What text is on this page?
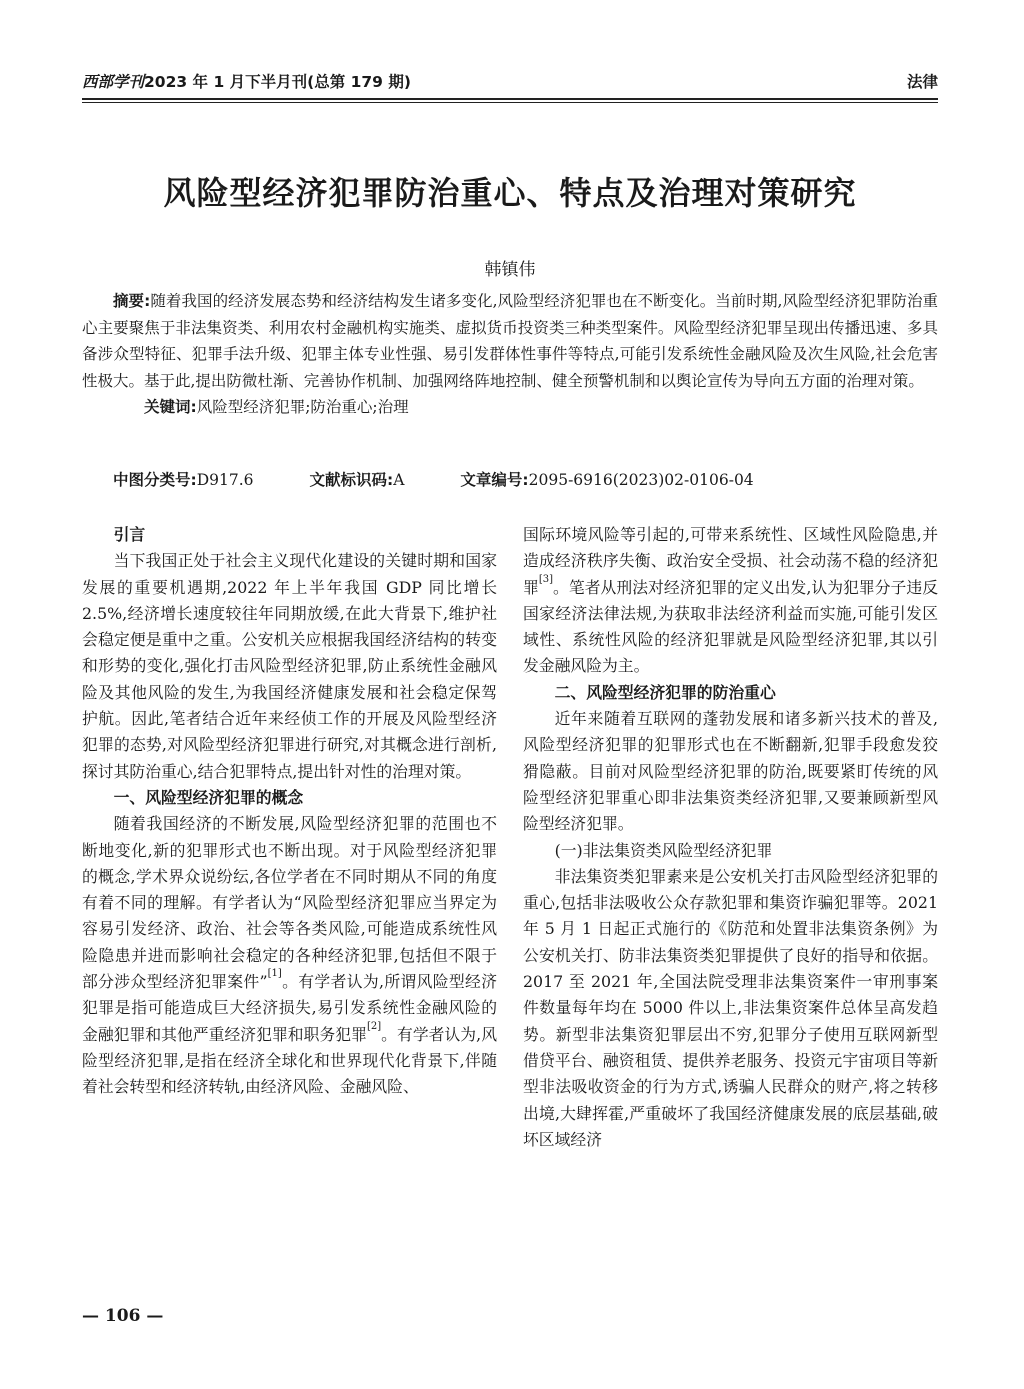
西部学刊2023 年 1 月下半月刊(总第 179 期)	法律
风险型经济犯罪防治重心、特点及治理对策研究
韩镇伟

摘要:随着我国的经济发展态势和经济结构发生诸多变化,风险型经济犯罪也在不断变化。当前时期,风险型经济犯罪防治重心主要聚焦于非法集资类、利用农村金融机构实施类、虚拟货币投资类三种类型案件。风险型经济犯罪呈现出传播迅速、多具备涉众型特征、犯罪手法升级、犯罪主体专业性强、易引发群体性事件等特点,可能引发系统性金融风险及次生风险,社会危害性极大。基于此,提出防微杜渐、完善协作机制、加强网络阵地控制、健全预警机制和以舆论宣传为导向五方面的治理对策。

关键词:风险型经济犯罪;防治重心;治理

中图分类号:D917.6	文献标识码:A	文章编号:2095-6916(2023)02-0106-04
引言

当下我国正处于社会主义现代化建设的关键时期和国家发展的重要机遇期,2022 年上半年我国 GDP 同比增长 2.5%,经济增长速度较往年同期放缓,在此大背景下,维护社会稳定便是重中之重。公安机关应根据我国经济结构的转变和形势的变化,强化打击风险型经济犯罪,防止系统性金融风险及其他风险的发生,为我国经济健康发展和社会稳定保驾护航。因此,笔者结合近年来经侦工作的开展及风险型经济犯罪的态势,对风险型经济犯罪进行研究,对其概念进行剖析,探讨其防治重心,结合犯罪特点,提出针对性的治理对策。

一、风险型经济犯罪的概念

随着我国经济的不断发展,风险型经济犯罪的范围也不断地变化,新的犯罪形式也不断出现。对于风险型经济犯罪的概念,学术界众说纷纭,各位学者在不同时期从不同的角度有着不同的理解。有学者认为“风险型经济犯罪应当界定为容易引发经济、政治、社会等各类风险,可能造成系统性风险隐患并进而影响社会稳定的各种经济犯罪,包括但不限于部分涉众型经济犯罪案件”[1]。有学者认为,所谓风险型经济犯罪是指可能造成巨大经济损失,易引发系统性金融风险的金融犯罪和其他严重经济犯罪和职务犯罪[2]。有学者认为,风险型经济犯罪,是指在经济全球化和世界现代化背景下,伴随着社会转型和经济转轨,由经济风险、金融风险、

国际环境风险等引起的,可带来系统性、区域性风险隐患,并造成经济秩序失衡、政治安全受损、社会动荡不稳的经济犯罪[3]。笔者从刑法对经济犯罪的定义出发,认为犯罪分子违反国家经济法律法规,为获取非法经济利益而实施,可能引发区域性、系统性风险的经济犯罪就是风险型经济犯罪,其以引发金融风险为主。

二、风险型经济犯罪的防治重心

近年来随着互联网的蓬勃发展和诸多新兴技术的普及,风险型经济犯罪的犯罪形式也在不断翻新,犯罪手段愈发狡猾隐蔽。目前对风险型经济犯罪的防治,既要紧盯传统的风险型经济犯罪重心即非法集资类经济犯罪,又要兼顾新型风险型经济犯罪。

(一)非法集资类风险型经济犯罪

非法集资类犯罪素来是公安机关打击风险型经济犯罪的重心,包括非法吸收公众存款犯罪和集资诈骗犯罪等。2021 年 5 月 1 日起正式施行的《防范和处置非法集资条例》为公安机关打、防非法集资类犯罪提供了良好的指导和依据。2017 至 2021 年,全国法院受理非法集资案件一审刑事案件数量每年均在 5000 件以上,非法集资案件总体呈高发趋势。新型非法集资犯罪层出不穷,犯罪分子使用互联网新型借贷平台、融资租赁、提供养老服务、投资元宇宙项目等新型非法吸收资金的行为方式,诱骗人民群众的财产,将之转移出境,大肆挥霍,严重破坏了我国经济健康发展的底层基础,破坏区域经济

— 106 —
